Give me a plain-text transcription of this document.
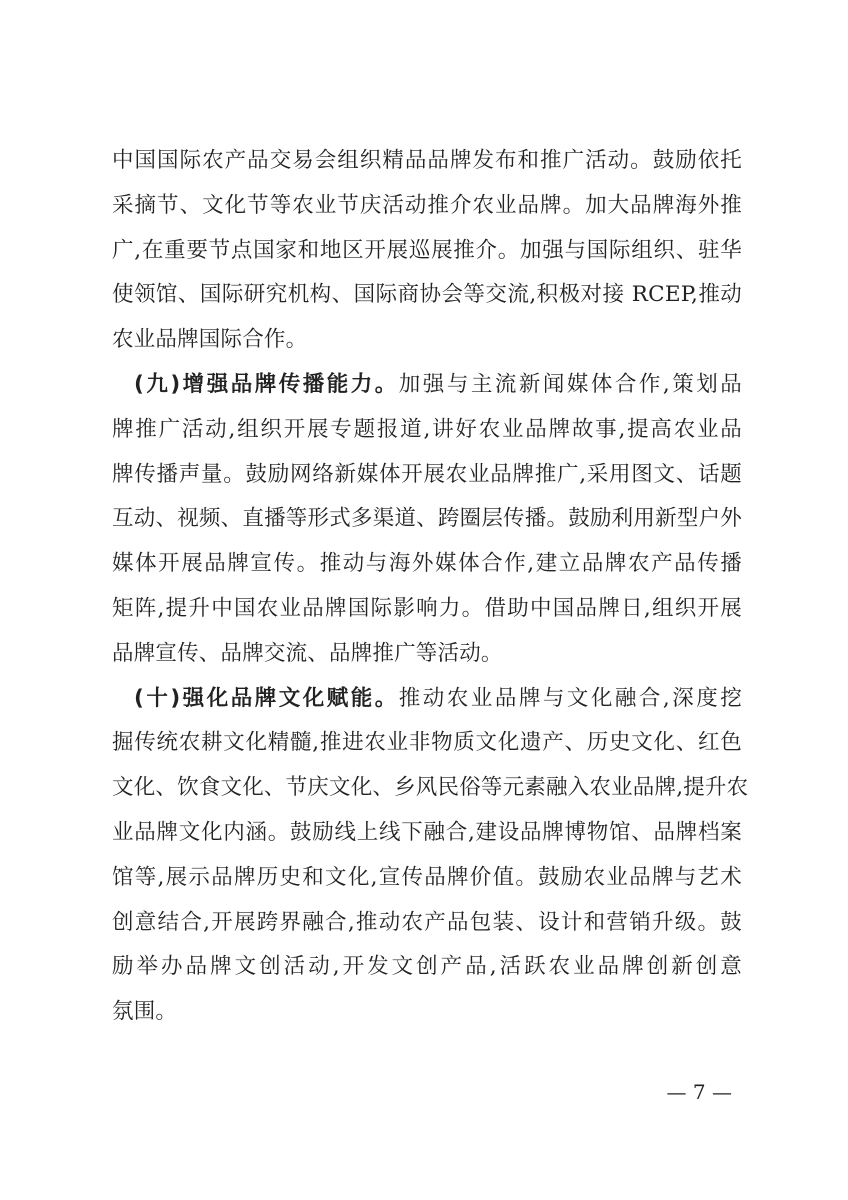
中国国际农产品交易会组织精品品牌发布和推广活动。鼓励依托
采摘节、文化节等农业节庆活动推介农业品牌。加大品牌海外推
广,在重要节点国家和地区开展巡展推介。加强与国际组织、驻华
使领馆、国际研究机构、国际商协会等交流,积极对接 RCEP,推动
农业品牌国际合作。
(九)增强品牌传播能力。加强与主流新闻媒体合作,策划品
牌推广活动,组织开展专题报道,讲好农业品牌故事,提高农业品
牌传播声量。鼓励网络新媒体开展农业品牌推广,采用图文、话题
互动、视频、直播等形式多渠道、跨圈层传播。鼓励利用新型户外
媒体开展品牌宣传。推动与海外媒体合作,建立品牌农产品传播
矩阵,提升中国农业品牌国际影响力。借助中国品牌日,组织开展
品牌宣传、品牌交流、品牌推广等活动。
(十)强化品牌文化赋能。推动农业品牌与文化融合,深度挖
掘传统农耕文化精髓,推进农业非物质文化遗产、历史文化、红色
文化、饮食文化、节庆文化、乡风民俗等元素融入农业品牌,提升农
业品牌文化内涵。鼓励线上线下融合,建设品牌博物馆、品牌档案
馆等,展示品牌历史和文化,宣传品牌价值。鼓励农业品牌与艺术
创意结合,开展跨界融合,推动农产品包装、设计和营销升级。鼓
励举办品牌文创活动,开发文创产品,活跃农业品牌创新创意
氛围。
— 7 —
